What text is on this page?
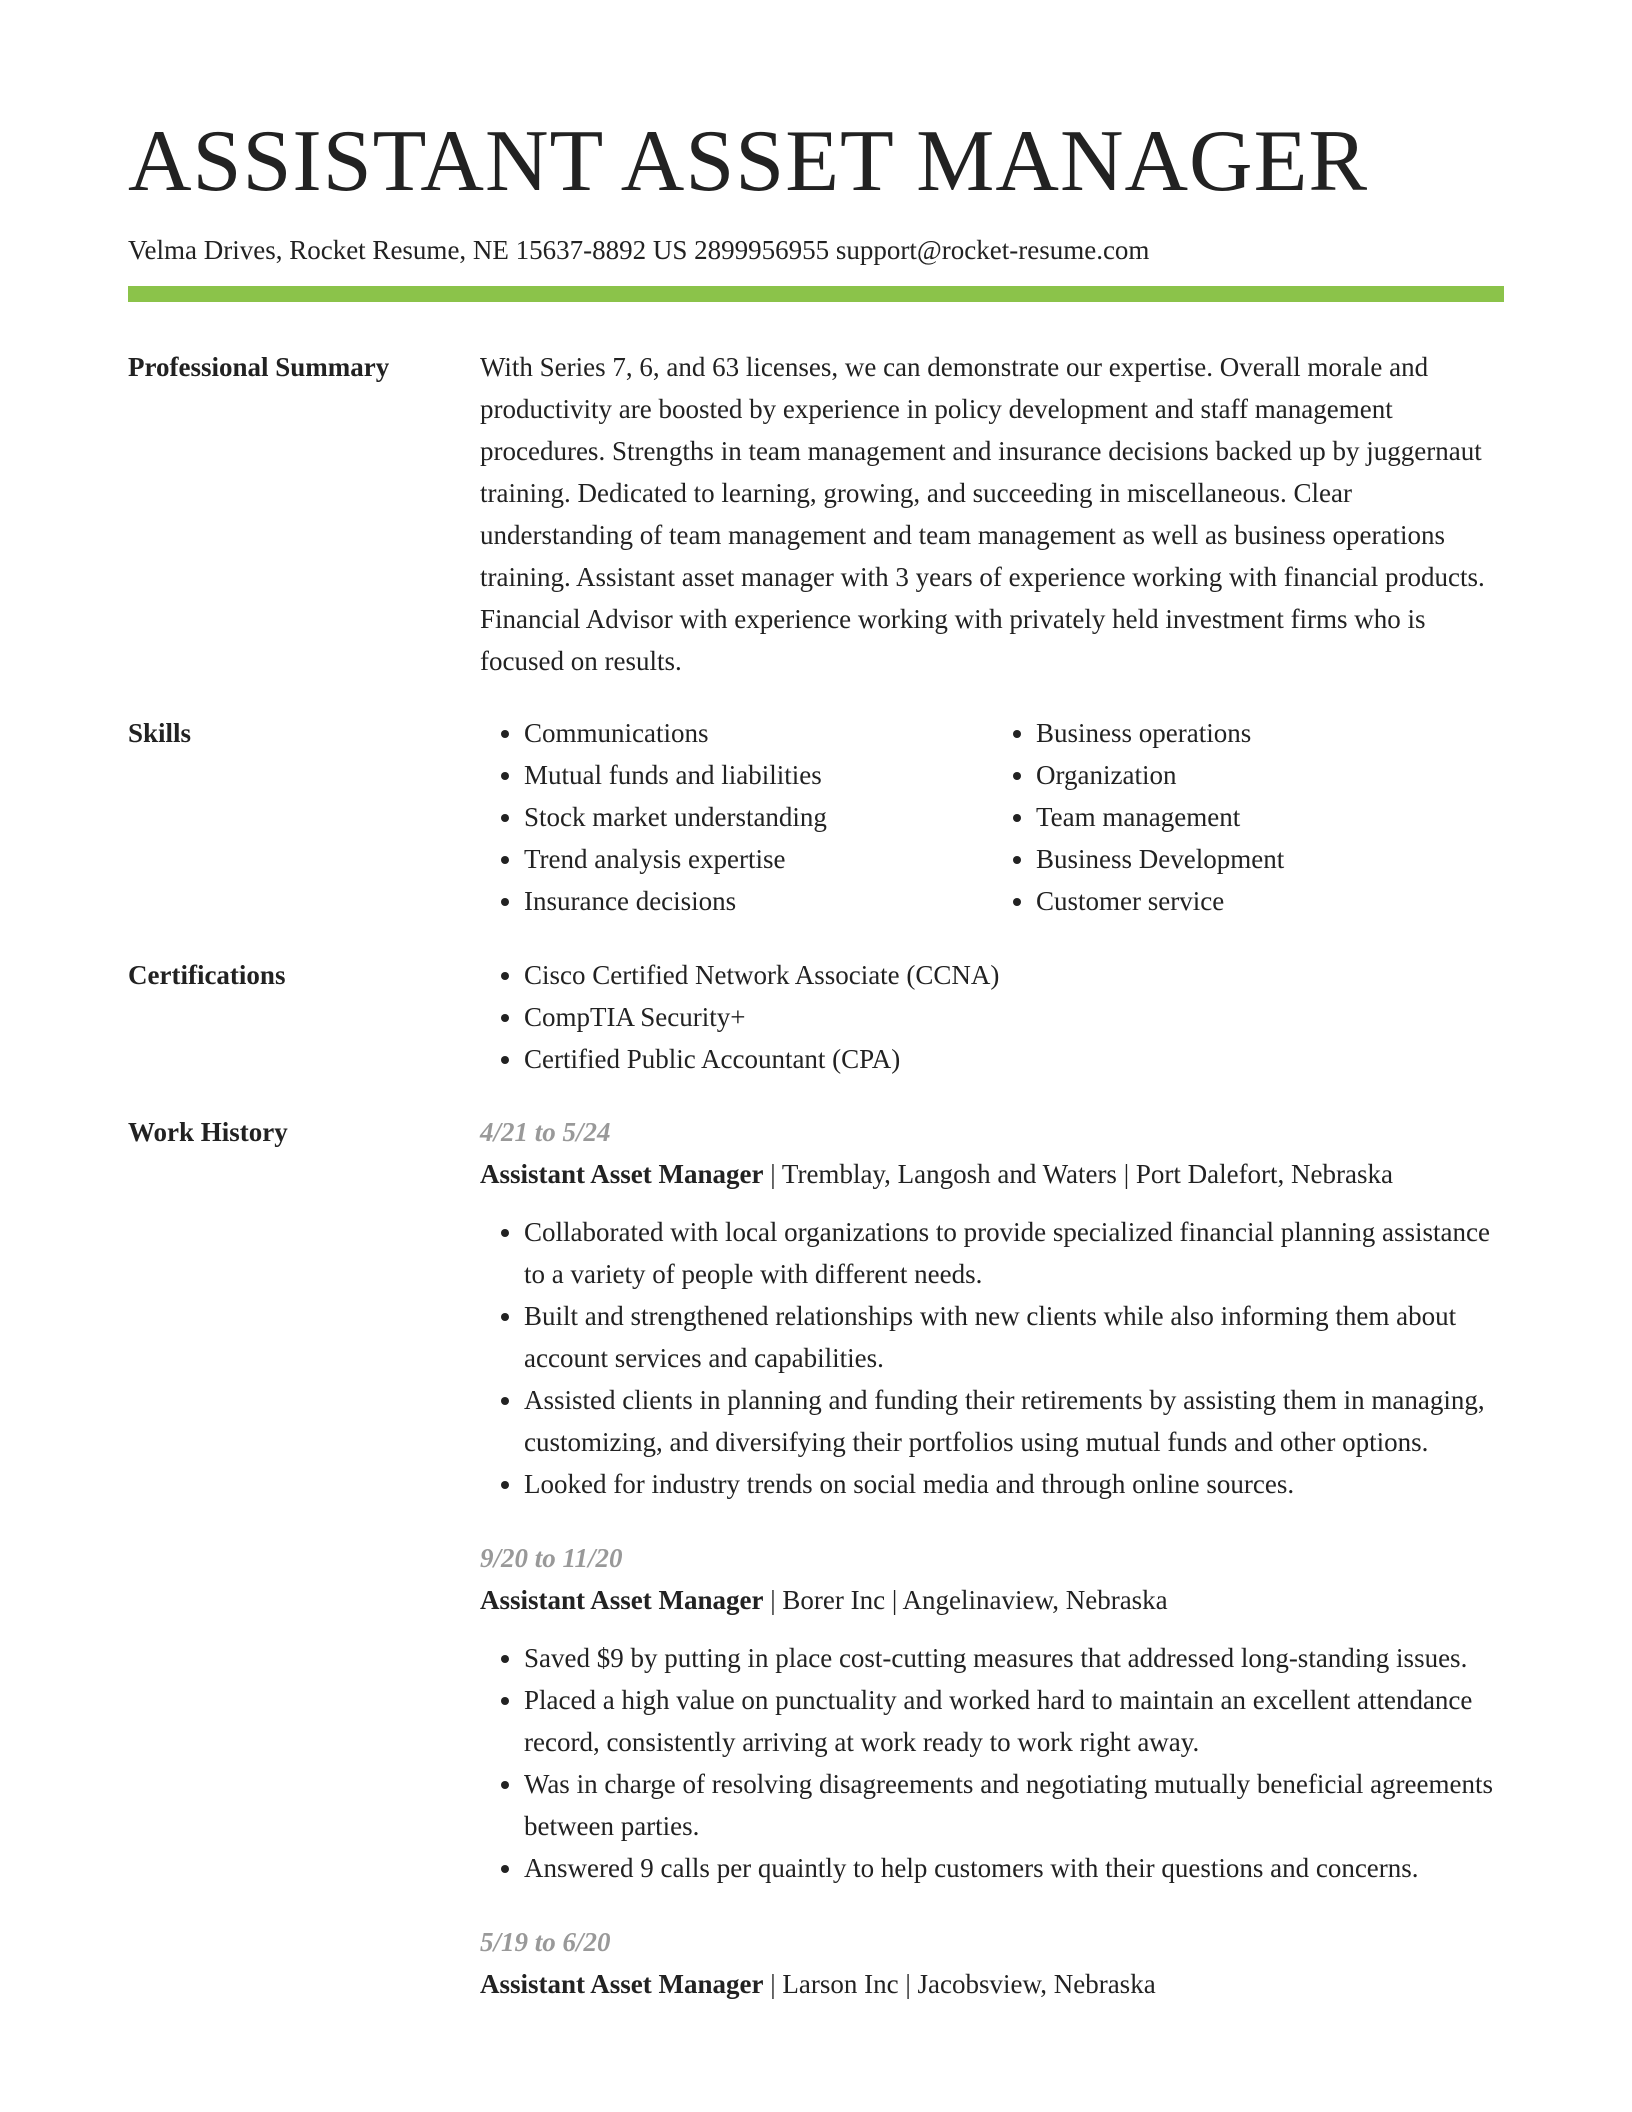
ASSISTANT ASSET MANAGER
Velma Drives, Rocket Resume, NE 15637-8892 US 2899956955 support@rocket-resume.com
Professional Summary	With Series 7, 6, and 63 licenses, we can demonstrate our expertise. Overall morale and productivity are boosted by experience in policy development and staff management procedures. Strengths in team management and insurance decisions backed up by juggernaut training. Dedicated to learning, growing, and succeeding in miscellaneous. Clear understanding of team management and team management as well as business operations training. Assistant asset manager with 3 years of experience working with financial products. Financial Advisor with experience working with privately held investment firms who is focused on results.

Skills	• Communications
• Mutual funds and liabilities
• Stock market understanding
• Trend analysis expertise
• Insurance decisions
• Business operations
• Organization
• Team management
• Business Development
• Customer service
Certifications	• Cisco Certified Network Associate (CCNA)
• CompTIA Security+
• Certified Public Accountant (CPA)
Work History	4/21 to 5/24
Assistant Asset Manager | Tremblay, Langosh and Waters | Port Dalefort, Nebraska
• Collaborated with local organizations to provide specialized financial planning assistance to a variety of people with different needs.
• Built and strengthened relationships with new clients while also informing them about account services and capabilities.
• Assisted clients in planning and funding their retirements by assisting them in managing, customizing, and diversifying their portfolios using mutual funds and other options.
• Looked for industry trends on social media and through online sources.
9/20 to 11/20
Assistant Asset Manager | Borer Inc | Angelinaview, Nebraska
• Saved $9 by putting in place cost-cutting measures that addressed long-standing issues.
• Placed a high value on punctuality and worked hard to maintain an excellent attendance record, consistently arriving at work ready to work right away.
• Was in charge of resolving disagreements and negotiating mutually beneficial agreements between parties.
• Answered 9 calls per quaintly to help customers with their questions and concerns.
5/19 to 6/20
Assistant Asset Manager | Larson Inc | Jacobsview, Nebraska
